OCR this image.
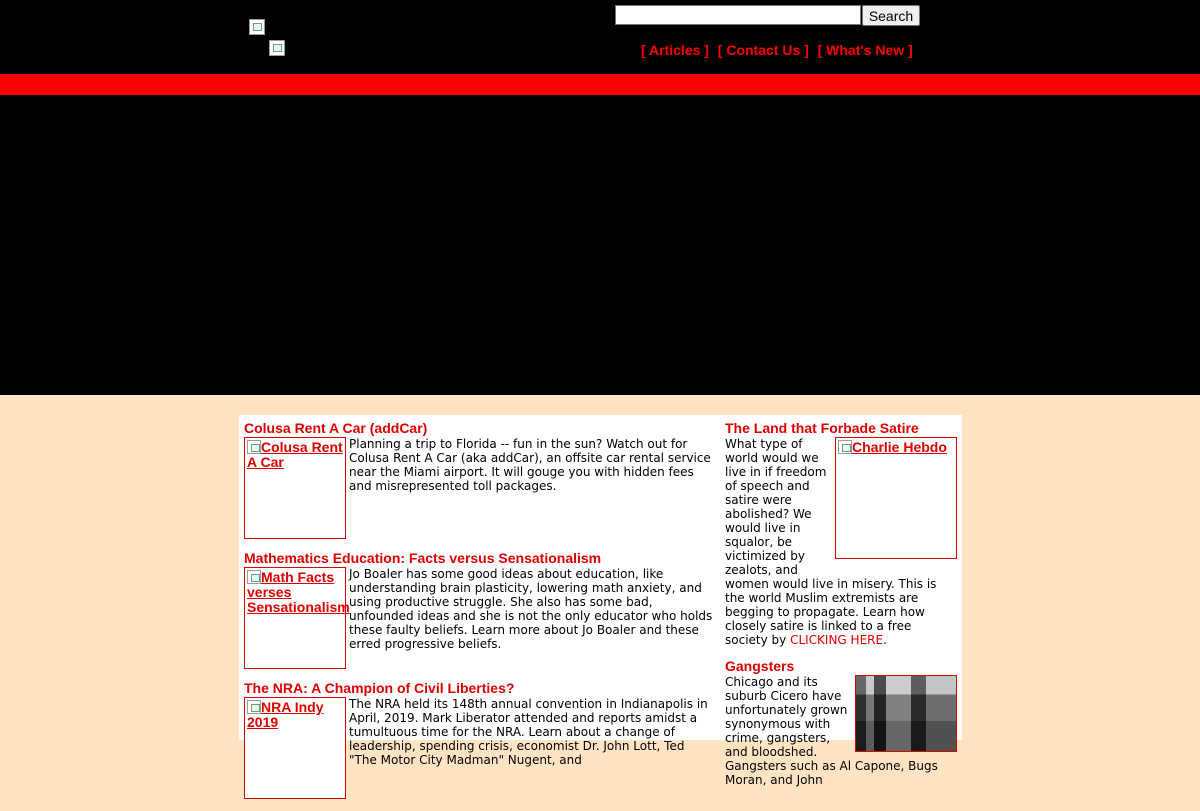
Search
[ Articles ] [ Contact Us ] [ What's New ]
Colusa Rent A Car (addCar)
Colusa Rent A Car

Planning a trip to Florida -- fun in the sun? Watch out for Colusa Rent A Car (aka addCar), an offsite car rental service near the Miami airport. It will gouge you with hidden fees and misrepresented toll packages.

Mathematics Education: Facts versus Sensationalism
Math Facts verses Sensationalism

Jo Boaler has some good ideas about education, like understanding brain plasticity, lowering math anxiety, and using productive struggle. She also has some bad, unfounded ideas and she is not the only educator who holds these faulty beliefs. Learn more about Jo Boaler and these erred progressive beliefs.

The NRA: A Champion of Civil Liberties?
NRA Indy 2019

The NRA held its 148th annual convention in Indianapolis in April, 2019. Mark Liberator attended and reports amidst a tumultuous time for the NRA. Learn about a change of leadership, spending crisis, economist Dr. John Lott, Ted "The Motor City Madman" Nugent, and

The Land that Forbade Satire
Charlie Hebdo

What type of world would we live in if freedom of speech and satire were abolished? We would live in squalor, be victimized by zealots, and women would live in misery. This is the world Muslim extremists are begging to propagate. Learn how closely satire is linked to a free society by CLICKING HERE.

Gangsters

Chicago and its suburb Cicero have unfortunately grown synonymous with crime, gangsters, and bloodshed. Gangsters such as Al Capone, Bugs Moran, and John
